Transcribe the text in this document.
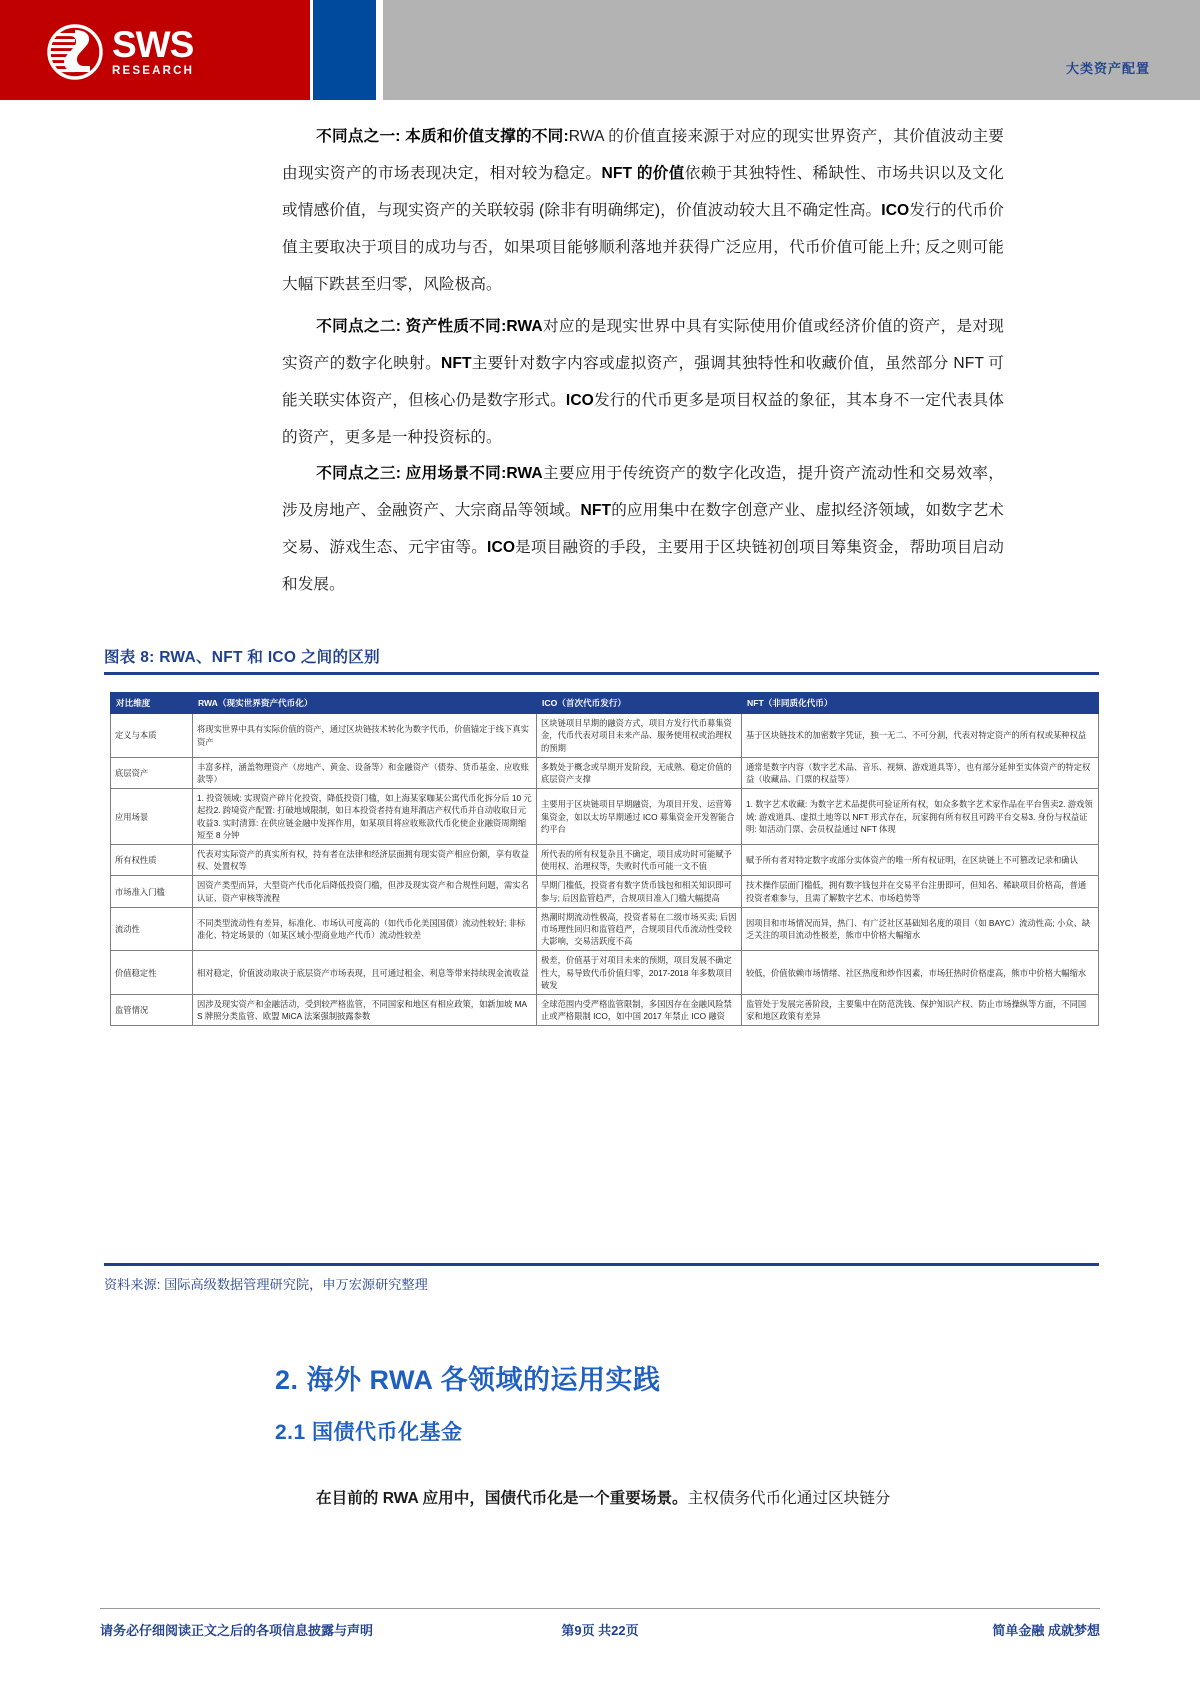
SWS
RESEARCH	大类资产配置

不同点之一: 本质和价值支撑的不同:RWA 的价值直接来源于对应的现实世界资产，其价值波动主要由现实资产的市场表现决定，相对较为稳定。NFT 的价值依赖于其独特性、稀缺性、市场共识以及文化或情感价值，与现实资产的关联较弱 (除非有明确绑定)，价值波动较大且不确定性高。ICO发行的代币价值主要取决于项目的成功与否，如果项目能够顺利落地并获得广泛应用，代币价值可能上升; 反之则可能大幅下跌甚至归零，风险极高。

不同点之二: 资产性质不同:RWA对应的是现实世界中具有实际使用价值或经济价值的资产，是对现实资产的数字化映射。NFT主要针对数字内容或虚拟资产，强调其独特性和收藏价值，虽然部分 NFT 可能关联实体资产，但核心仍是数字形式。ICO发行的代币更多是项目权益的象征，其本身不一定代表具体的资产，更多是一种投资标的。

不同点之三: 应用场景不同:RWA主要应用于传统资产的数字化改造，提升资产流动性和交易效率，涉及房地产、金融资产、大宗商品等领域。NFT的应用集中在数字创意产业、虚拟经济领域，如数字艺术交易、游戏生态、元宇宙等。ICO是项目融资的手段，主要用于区块链初创项目筹集资金，帮助项目启动和发展。

图表 8: RWA、NFT 和 ICO 之间的区别
对比维度	RWA（现实世界资产代币化）	ICO（首次代币发行）	NFT（非同质化代币）
定义与本质	将现实世界中具有实际价值的资产，通过区块链技术转化为数字代币，价值锚定于线下真实资产	区块链项目早期的融资方式，项目方发行代币募集资金，代币代表对项目未来产品、服务使用权或治理权的预期	基于区块链技术的加密数字凭证，独一无二、不可分割，代表对特定资产的所有权或某种权益
底层资产	丰富多样，涵盖物理资产（房地产、黄金、设备等）和金融资产（债券、货币基金、应收账款等）	多数处于概念或早期开发阶段，无成熟、稳定价值的底层资产支撑	通常是数字内容（数字艺术品、音乐、视频、游戏道具等），也有部分延伸至实体资产的特定权益（收藏品、门票的权益等）
应用场景	1. 投资领域: 实现资产碎片化投资，降低投资门槛，如上海某家咖某公寓代币化拆分后 10 元起投2. 跨境资产配置: 打破地域限制，如日本投资者持有迪拜酒店产权代币并自动收取日元收益3. 实时清算: 在供应链金融中发挥作用，如某项目将应收账款代币化使企业融资周期缩短至 8 分钟	主要用于区块链项目早期融资，为项目开发、运营筹集资金，如以太坊早期通过 ICO 募集资金开发智能合约平台	1. 数字艺术收藏: 为数字艺术品提供可验证所有权，如众多数字艺术家作品在平台售卖2. 游戏领域: 游戏道具、虚拟土地等以 NFT 形式存在，玩家拥有所有权且可跨平台交易3. 身份与权益证明: 如活动门票、会员权益通过 NFT 体现
所有权性质	代表对实际资产的真实所有权，持有者在法律和经济层面拥有现实资产相应份额，享有收益权、处置权等	所代表的所有权复杂且不确定，项目成功时可能赋予使用权、治理权等，失败时代币可能一文不值	赋予所有者对特定数字或部分实体资产的唯一所有权证明，在区块链上不可篡改记录和确认
市场准入门槛	因资产类型而异，大型资产代币化后降低投资门槛，但涉及现实资产和合规性问题，需实名认证、资产审核等流程	早期门槛低，投资者有数字货币钱包和相关知识即可参与; 后因监管趋严，合规项目准入门槛大幅提高	技术操作层面门槛低，拥有数字钱包并在交易平台注册即可，但知名、稀缺项目价格高，普通投资者难参与，且需了解数字艺术、市场趋势等
流动性	不同类型流动性有差异，标准化、市场认可度高的（如代币化美国国债）流动性较好; 非标准化、特定场景的（如某区域小型商业地产代币）流动性较差	热潮时期流动性极高，投资者易在二级市场买卖; 后因市场理性回归和监管趋严，合规项目代币流动性受较大影响，交易活跃度不高	因项目和市场情况而异，热门、有广泛社区基础知名度的项目（如 BAYC）流动性高; 小众、缺乏关注的项目流动性极差，熊市中价格大幅缩水
价值稳定性	相对稳定，价值波动取决于底层资产市场表现，且可通过租金、利息等带来持续现金流收益	极差，价值基于对项目未来的预期，项目发展不确定性大，易导致代币价值归零，2017-2018 年多数项目破发	较低，价值依赖市场情绪、社区热度和炒作因素，市场狂热时价格虚高，熊市中价格大幅缩水
监管情况	因涉及现实资产和金融活动，受到较严格监管，不同国家和地区有相应政策，如新加坡 MAS 牌照分类监管、欧盟 MiCA 法案强制披露参数	全球范围内受严格监管限制，多国因存在金融风险禁止或严格限制 ICO，如中国 2017 年禁止 ICO 融资	监管处于发展完善阶段，主要集中在防范洗钱、保护知识产权、防止市场操纵等方面，不同国家和地区政策有差异
资料来源: 国际高级数据管理研究院，申万宏源研究整理
2. 海外 RWA 各领域的运用实践
2.1 国债代币化基金

在目前的 RWA 应用中，国债代币化是一个重要场景。主权债务代币化通过区块链分

请务必仔细阅读正文之后的各项信息披露与声明	第9页 共22页	简单金融 成就梦想
